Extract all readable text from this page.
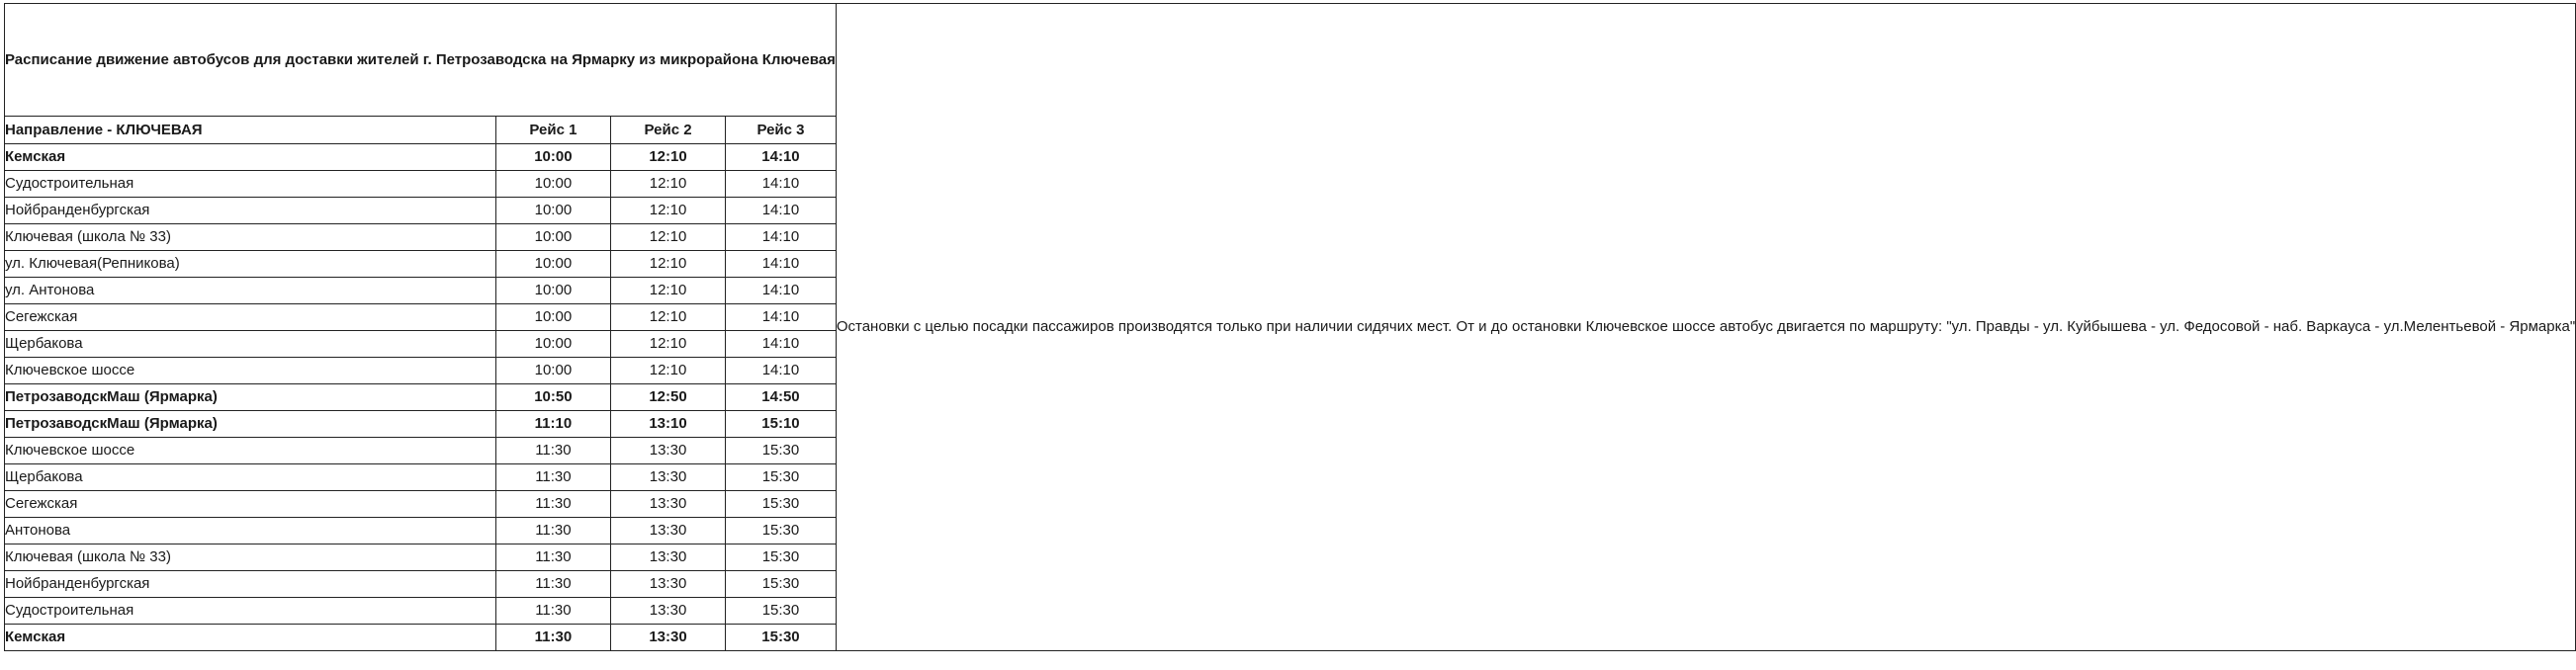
Расписание движение автобусов для доставки жителей г. Петрозаводска на Ярмарку из микрорайона Ключевая				Остановки с целью посадки пассажиров производятся только при наличии сидячих мест. От и до остановки Ключевское шоссе автобус двигается по маршруту: "ул. Правды - ул. Куйбышева - ул. Федосовой - наб. Варкауса - ул.Мелентьевой - Ярмарка"
Направление - КЛЮЧЕВАЯ	Рейс 1	Рейс 2	Рейс 3	
Кемская	10:00	12:10	14:10	
Судостроительная	10:00	12:10	14:10	
Нойбранденбургская	10:00	12:10	14:10	
Ключевая (школа № 33)	10:00	12:10	14:10	
ул. Ключевая(Репникова)	10:00	12:10	14:10	
ул. Антонова	10:00	12:10	14:10	
Сегежская	10:00	12:10	14:10	
Щербакова	10:00	12:10	14:10	
Ключевское шоссе	10:00	12:10	14:10	
ПетрозаводскМаш (Ярмарка)	10:50	12:50	14:50	
ПетрозаводскМаш (Ярмарка)	11:10	13:10	15:10	
Ключевское шоссе	11:30	13:30	15:30	
Щербакова	11:30	13:30	15:30	
Сегежская	11:30	13:30	15:30	
Антонова	11:30	13:30	15:30	
Ключевая (школа № 33)	11:30	13:30	15:30	
Нойбранденбургская	11:30	13:30	15:30	
Судостроительная	11:30	13:30	15:30	
Кемская	11:30	13:30	15:30	
